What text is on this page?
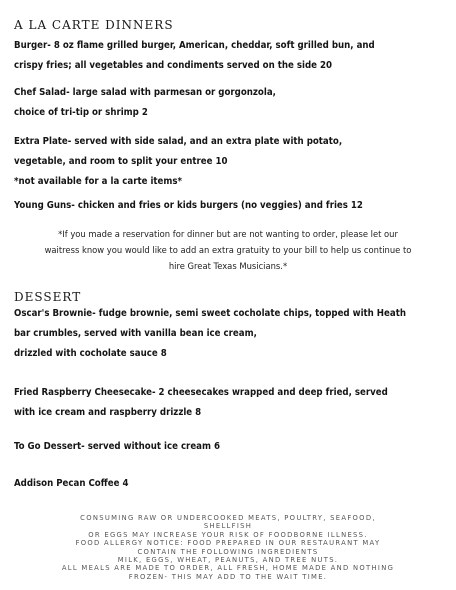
A LA CARTE DINNERS
Burger- 8 oz flame grilled burger, American, cheddar, soft grilled bun, and
crispy fries; all vegetables and condiments served on the side 20
Chef Salad- large salad with parmesan or gorgonzola,
choice of tri-tip or shrimp 2
Extra Plate- served with side salad, and an extra plate with potato,
vegetable, and room to split your entree 10
*not available for a la carte items*
Young Guns- chicken and fries or kids burgers (no veggies) and fries 12
*If you made a reservation for dinner but are not wanting to order, please let our
waitress know you would like to add an extra gratuity to your bill to help us continue to
hire Great Texas Musicians.*
DESSERT
Oscar's Brownie- fudge brownie, semi sweet cocholate chips, topped with Heath
bar crumbles, served with vanilla bean ice cream,
drizzled with cocholate sauce 8
Fried Raspberry Cheesecake- 2 cheesecakes wrapped and deep fried, served
with ice cream and raspberry drizzle 8
To Go Dessert- served without ice cream 6
Addison Pecan Coffee 4
CONSUMING RAW OR UNDERCOOKED MEATS, POULTRY, SEAFOOD,
SHELLFISH
OR EGGS MAY INCREASE YOUR RISK OF FOODBORNE ILLNESS.
FOOD ALLERGY NOTICE: FOOD PREPARED IN OUR RESTAURANT MAY
CONTAIN THE FOLLOWING INGREDIENTS
MILK, EGGS, WHEAT, PEANUTS, AND TREE NUTS.
ALL MEALS ARE MADE TO ORDER, ALL FRESH, HOME MADE AND NOTHING
FROZEN- THIS MAY ADD TO THE WAIT TIME.
